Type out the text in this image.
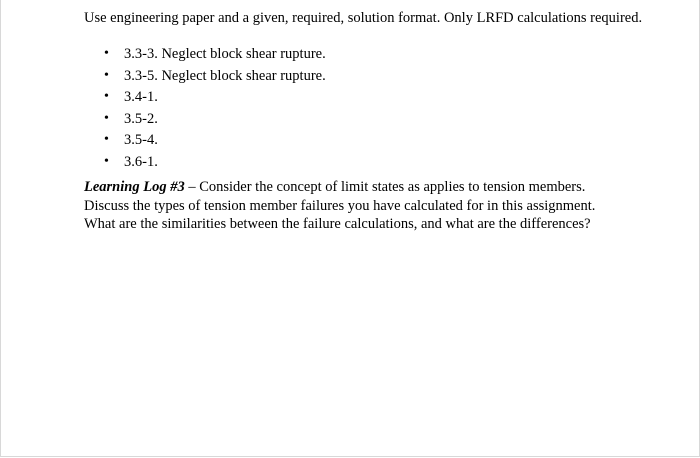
Use engineering paper and a given, required, solution format. Only LRFD calculations required.
• 3.3-3. Neglect block shear rupture.
• 3.3-5. Neglect block shear rupture.
• 3.4-1.
• 3.5-2.
• 3.5-4.
• 3.6-1.

Learning Log #3 – Consider the concept of limit states as applies to tension members. Discuss the types of tension member failures you have calculated for in this assignment. What are the similarities between the failure calculations, and what are the differences?
